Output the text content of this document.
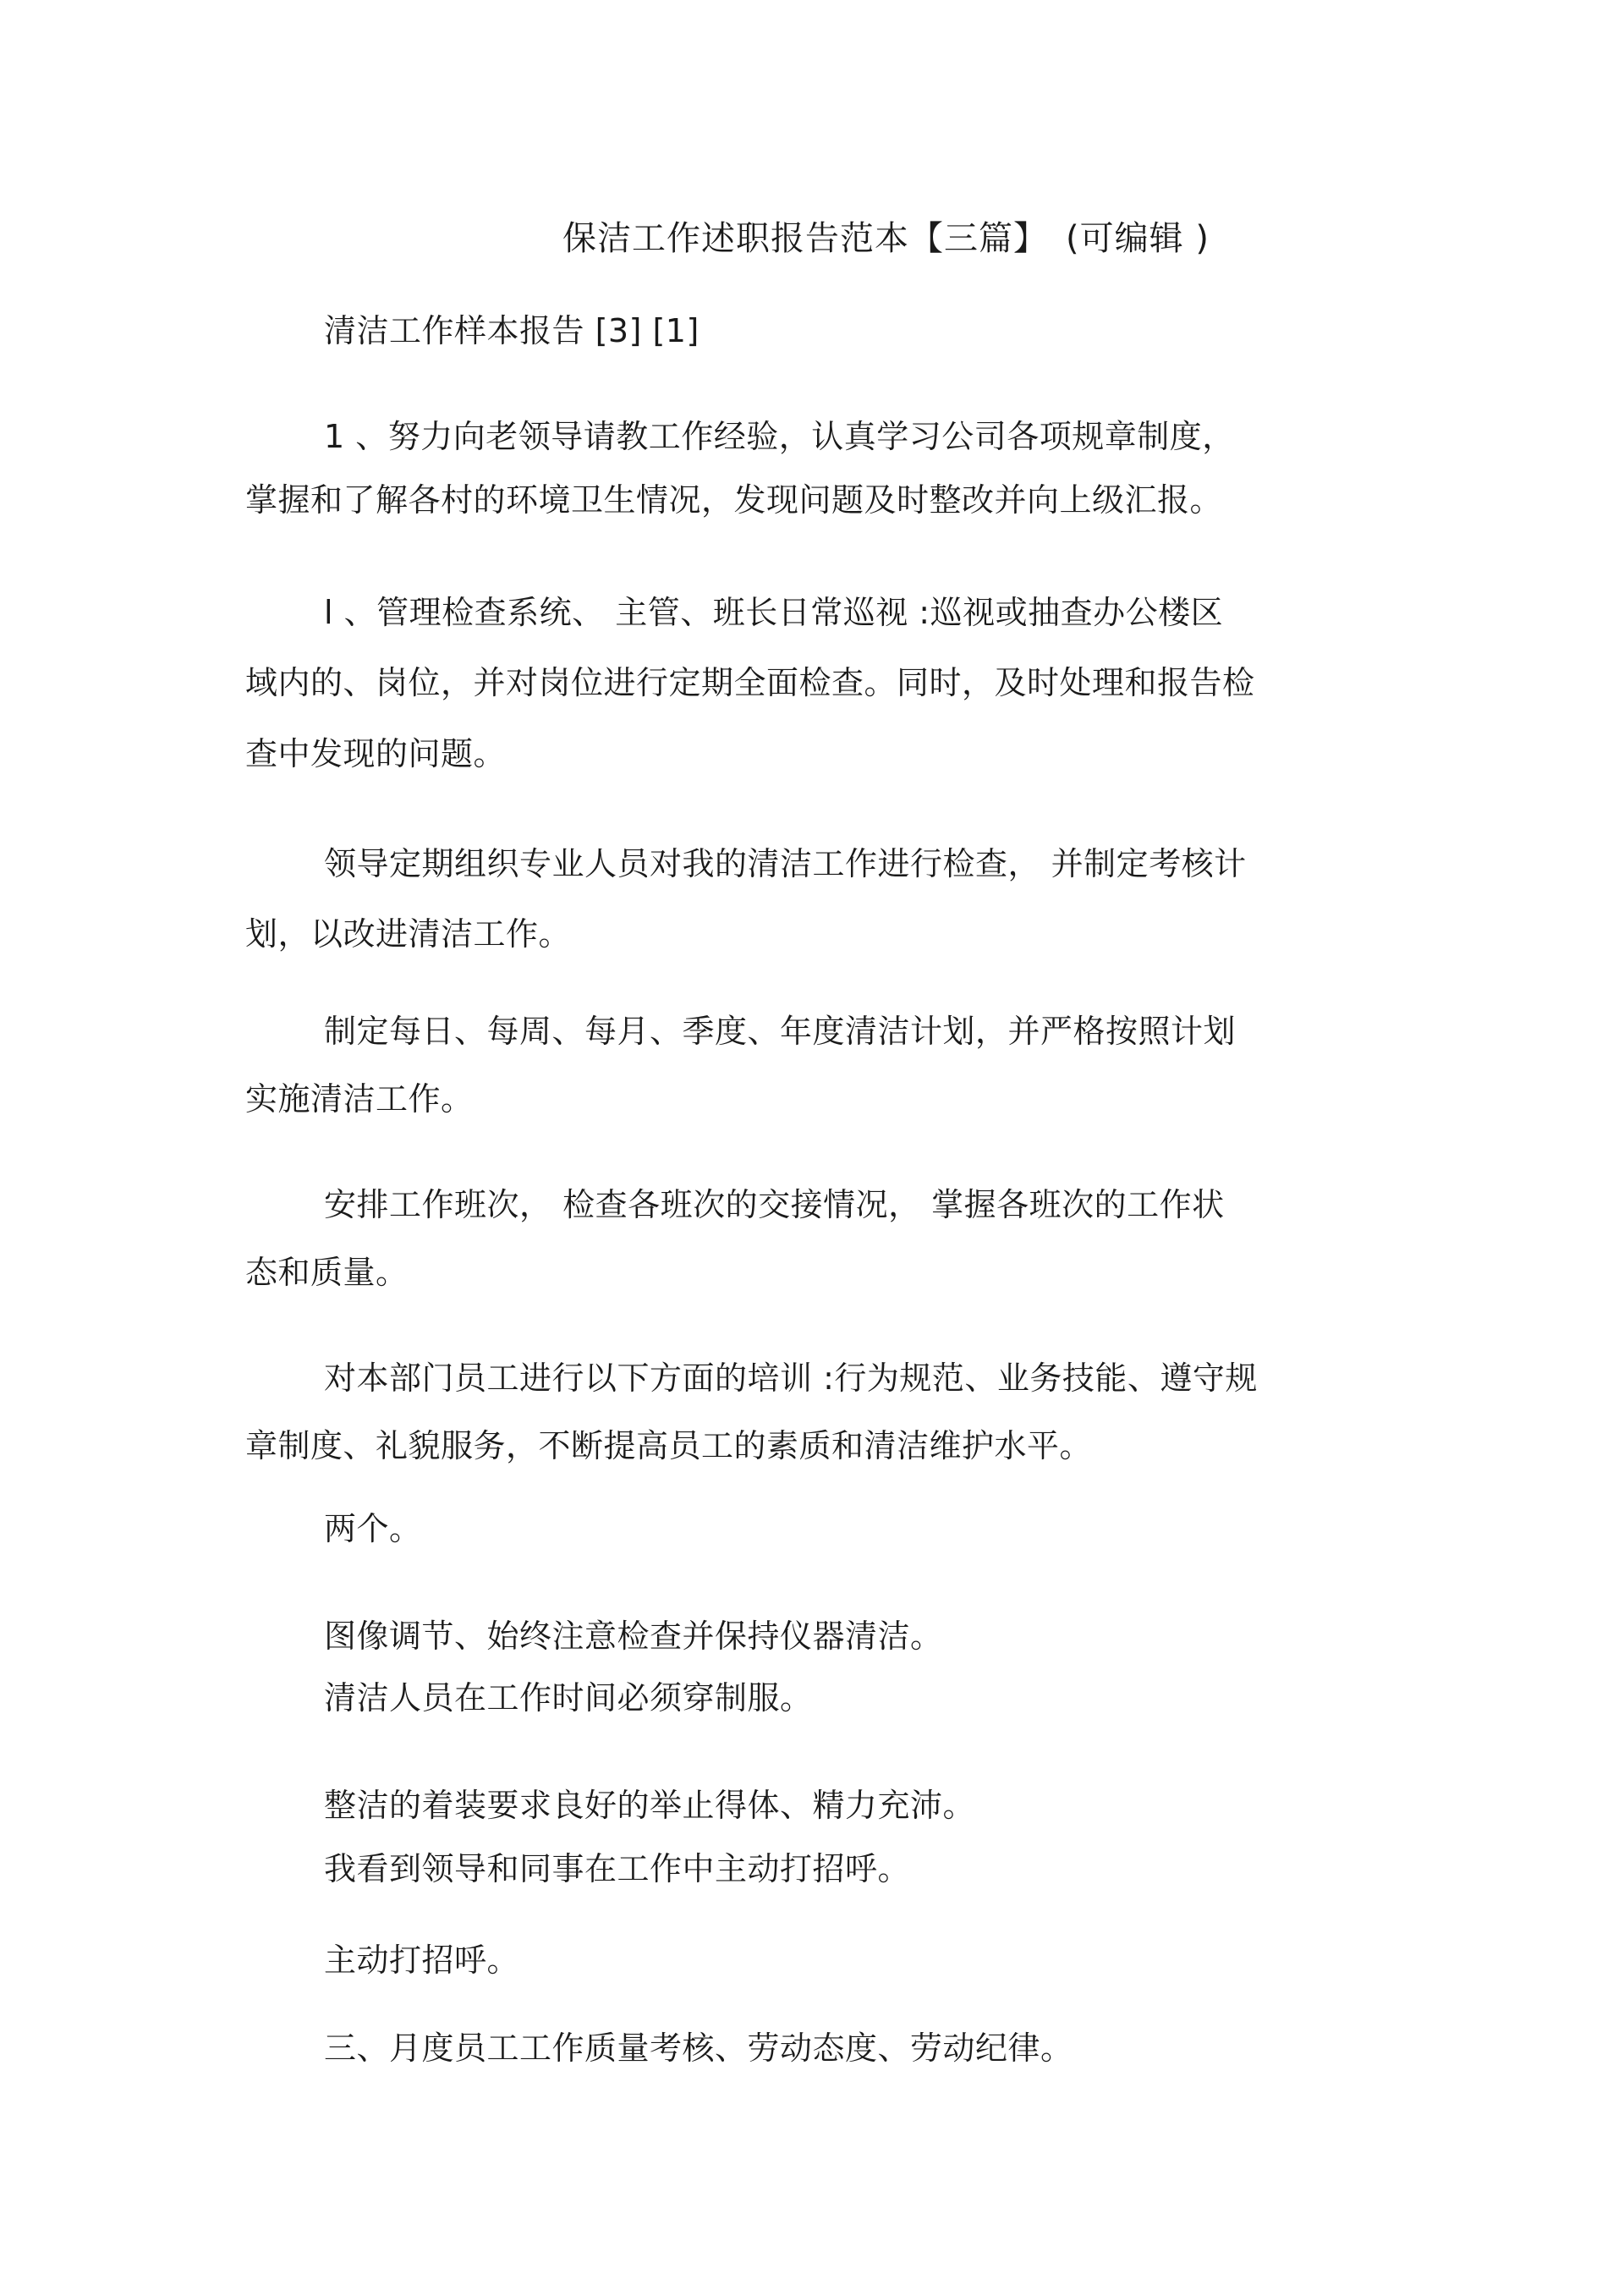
保洁工作述职报告范本【三篇】　(可编辑 )
清洁工作样本报告 [3] [1]
1 、努力向老领导请教工作经验，认真学习公司各项规章制度，
掌握和了解各村的环境卫生情况，发现问题及时整改并向上级汇报。
l 、管理检查系统、 主管、班长日常巡视 :巡视或抽查办公楼区
域内的、岗位，并对岗位进行定期全面检查。同时，及时处理和报告检
查中发现的问题。
领导定期组织专业人员对我的清洁工作进行检查， 并制定考核计
划，以改进清洁工作。
制定每日、每周、每月、季度、年度清洁计划，并严格按照计划
实施清洁工作。
安排工作班次， 检查各班次的交接情况， 掌握各班次的工作状
态和质量。
对本部门员工进行以下方面的培训 :行为规范、业务技能、遵守规
章制度、礼貌服务，不断提高员工的素质和清洁维护水平。
两个。
图像调节、始终注意检查并保持仪器清洁。
清洁人员在工作时间必须穿制服。
整洁的着装要求良好的举止得体、精力充沛。
我看到领导和同事在工作中主动打招呼。
主动打招呼。
三、月度员工工作质量考核、劳动态度、劳动纪律。
